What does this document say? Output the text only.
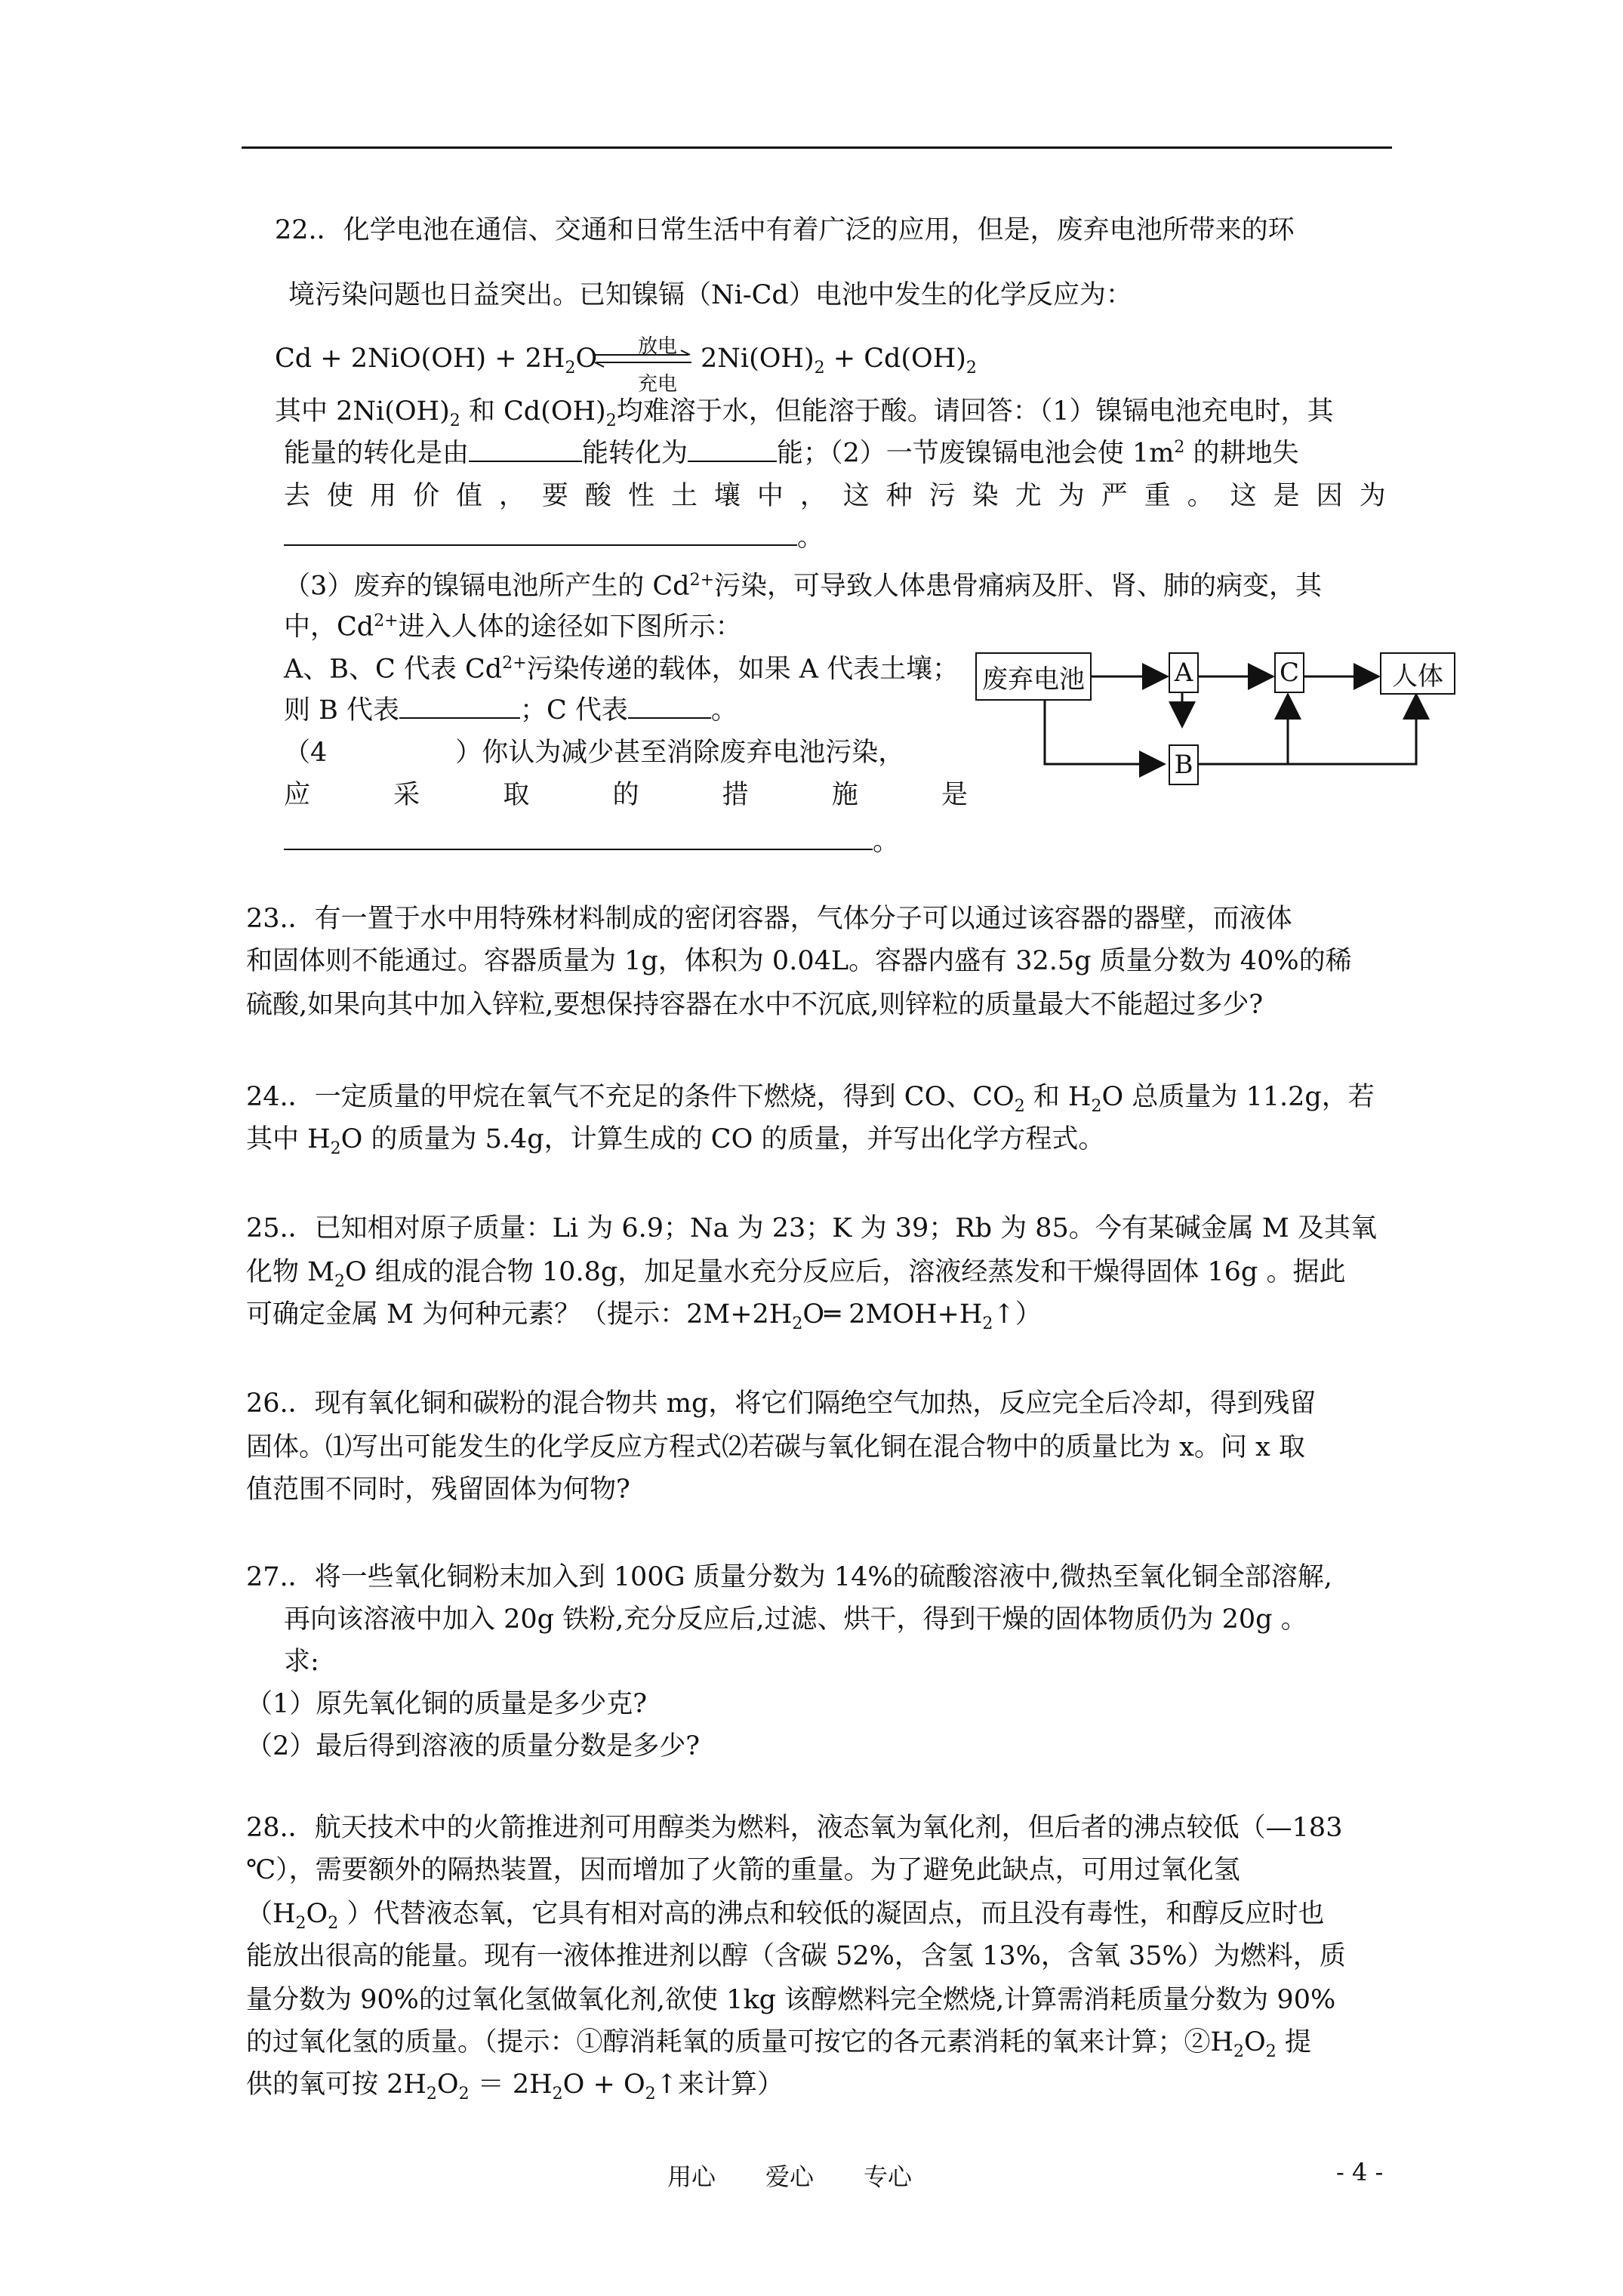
22.．化学电池在通信、交通和日常生活中有着广泛的应用，但是，废弃电池所带来的环
境污染问题也日益突出。已知镍镉（Ni-Cd）电池中发生的化学反应为：
$Cd + 2NiO(OH) + 2H_2O$	放电
充电
$2Ni(OH)_2 + Cd(OH)_2$
其中 $2Ni(OH)_2$ 和 $Cd(OH)_2$均难溶于水，但能溶于酸。请回答：（1）镍镉电池充电时，其
能量的转化是由	能转化为	能；（2）一节废镍镉电池会使 $1m^2$ 的耕地失
去 使 用 价 值 ， 要 酸 性 土 壤 中 ， 这 种 污 染 尤 为 严 重 。 这 是 因 为
。
（3）废弃的镍镉电池所产生的 $Cd^{2+}$污染，可导致人体患骨痛病及肝、肾、肺的病变，其
中，$Cd^{2+}$进入人体的途径如下图所示：
A、B、C 代表 $Cd^{2+}$污染传递的载体，如果 A 代表土壤；
则 B 代表	；C 代表	。
（4	）你认为减少甚至消除废弃电池污染，
应	采	取	的	措	施	是
。
废弃电池	A	C	人体
B
23.．有一置于水中用特殊材料制成的密闭容器，气体分子可以通过该容器的器壁，而液体
和固体则不能通过。容器质量为 1g，体积为 0.04L。容器内盛有 32.5g 质量分数为 40%的稀
硫酸,如果向其中加入锌粒,要想保持容器在水中不沉底,则锌粒的质量最大不能超过多少?
24.．一定质量的甲烷在氧气不充足的条件下燃烧，得到 CO、$CO_2$ 和 $H_2O$ 总质量为 11.2g，若
其中 $H_2O$ 的质量为 5.4g，计算生成的 CO 的质量，并写出化学方程式。
25.．已知相对原子质量：Li 为 6.9；Na 为 23；K 为 39；Rb 为 85。今有某碱金属 M 及其氧
化物 $M_2O$ 组成的混合物 10.8g，加足量水充分反应后，溶液经蒸发和干燥得固体 16g 。据此
可确定金属 M 为何种元素？（提示：$2M+2H_2O═$ $2MOH+H_2↑$）
26.．现有氧化铜和碳粉的混合物共 mg，将它们隔绝空气加热，反应完全后冷却，得到残留
固体。⑴写出可能发生的化学反应方程式⑵若碳与氧化铜在混合物中的质量比为 x。问 x 取
值范围不同时，残留固体为何物?
27.．将一些氧化铜粉末加入到 100G 质量分数为 14%的硫酸溶液中,微热至氧化铜全部溶解,
再向该溶液中加入 20g 铁粉,充分反应后,过滤、烘干，得到干燥的固体物质仍为 20g 。
求:
（1）原先氧化铜的质量是多少克?
（2）最后得到溶液的质量分数是多少?
28.．航天技术中的火箭推进剂可用醇类为燃料，液态氧为氧化剂，但后者的沸点较低（—183
℃），需要额外的隔热装置，因而增加了火箭的重量。为了避免此缺点，可用过氧化氢
（$H_2O_2$ ）代替液态氧，它具有相对高的沸点和较低的凝固点，而且没有毒性，和醇反应时也
能放出很高的能量。现有一液体推进剂以醇（含碳 52%，含氢 13%，含氧 35%）为燃料，质
量分数为 90%的过氧化氢做氧化剂,欲使 1kg 该醇燃料完全燃烧,计算需消耗质量分数为 90%
的过氧化氢的质量。（提示：①醇消耗氧的质量可按它的各元素消耗的氧来计算；$②H_2O_2$ 提
供的氧可按 $2H_2O_2 = 2H_2O$ + $O_2↑$来计算）
用心 爱心 专心	- 4 -
